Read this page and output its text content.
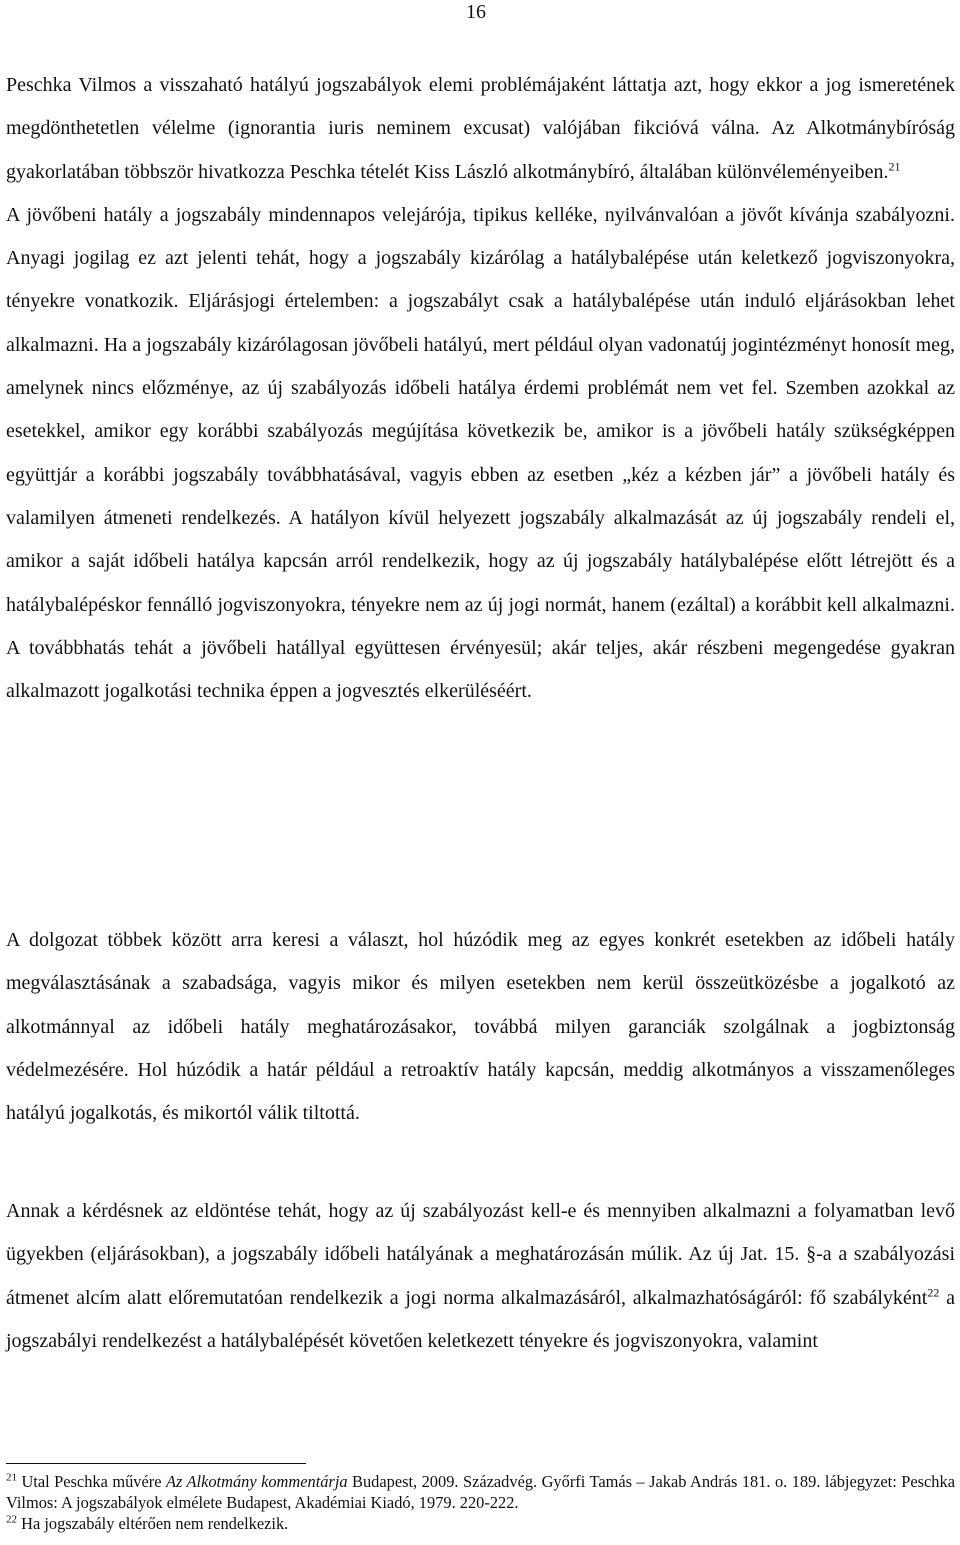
16

Peschka Vilmos a visszaható hatályú jogszabályok elemi problémájaként láttatja azt, hogy ekkor a jog ismeretének megdönthetetlen vélelme (ignorantia iuris neminem excusat) valójában fikcióvá válna. Az Alkotmánybíróság gyakorlatában többször hivatkozza Peschka tételét Kiss László alkotmánybíró, általában különvéleményeiben.$^{21}$
A jövőbeni hatály a jogszabály mindennapos velejárója, tipikus kelléke, nyilvánvalóan a jövőt kívánja szabályozni. Anyagi jogilag ez azt jelenti tehát, hogy a jogszabály kizárólag a hatálybalépése után keletkező jogviszonyokra, tényekre vonatkozik. Eljárásjogi értelemben: a jogszabályt csak a hatálybalépése után induló eljárásokban lehet alkalmazni. Ha a jogszabály kizárólagosan jövőbeli hatályú, mert például olyan vadonatúj jogintézményt honosít meg, amelynek nincs előzménye, az új szabályozás időbeli hatálya érdemi problémát nem vet fel. Szemben azokkal az esetekkel, amikor egy korábbi szabályozás megújítása következik be, amikor is a jövőbeli hatály szükségképpen együttjár a korábbi jogszabály továbbhatásával, vagyis ebben az esetben „kéz a kézben jár” a jövőbeli hatály és valamilyen átmeneti rendelkezés. A hatályon kívül helyezett jogszabály alkalmazását az új jogszabály rendeli el, amikor a saját időbeli hatálya kapcsán arról rendelkezik, hogy az új jogszabály hatálybalépése előtt létrejött és a hatálybalépéskor fennálló jogviszonyokra, tényekre nem az új jogi normát, hanem (ezáltal) a korábbit kell alkalmazni. A továbbhatás tehát a jövőbeli hatállyal együttesen érvényesül; akár teljes, akár részbeni megengedése gyakran alkalmazott jogalkotási technika éppen a jogvesztés elkerüléséért.

A dolgozat többek között arra keresi a választ, hol húzódik meg az egyes konkrét esetekben az időbeli hatály megválasztásának a szabadsága, vagyis mikor és milyen esetekben nem kerül összeütközésbe a jogalkotó az alkotmánnyal az időbeli hatály meghatározásakor, továbbá milyen garanciák szolgálnak a jogbiztonság védelmezésére. Hol húzódik a határ például a retroaktív hatály kapcsán, meddig alkotmányos a visszamenőleges hatályú jogalkotás, és mikortól válik tiltottá.

Annak a kérdésnek az eldöntése tehát, hogy az új szabályozást kell-e és mennyiben alkalmazni a folyamatban levő ügyekben (eljárásokban), a jogszabály időbeli hatályának a meghatározásán múlik. Az új Jat. 15. §-a a szabályozási átmenet alcím alatt előremutatóan rendelkezik a jogi norma alkalmazásáról, alkalmazhatóságáról: fő szabályként$^{22}$ a jogszabályi rendelkezést a hatálybalépését követően keletkezett tényekre és jogviszonyokra, valamint

$^{21}$ Utal Peschka művére Az Alkotmány kommentárja Budapest, 2009. Századvég. Győrfi Tamás – Jakab András 181. o. 189. lábjegyzet: Peschka Vilmos: A jogszabályok elmélete Budapest, Akadémiai Kiadó, 1979. 220-222.

$^{22}$ Ha jogszabály eltérően nem rendelkezik.
